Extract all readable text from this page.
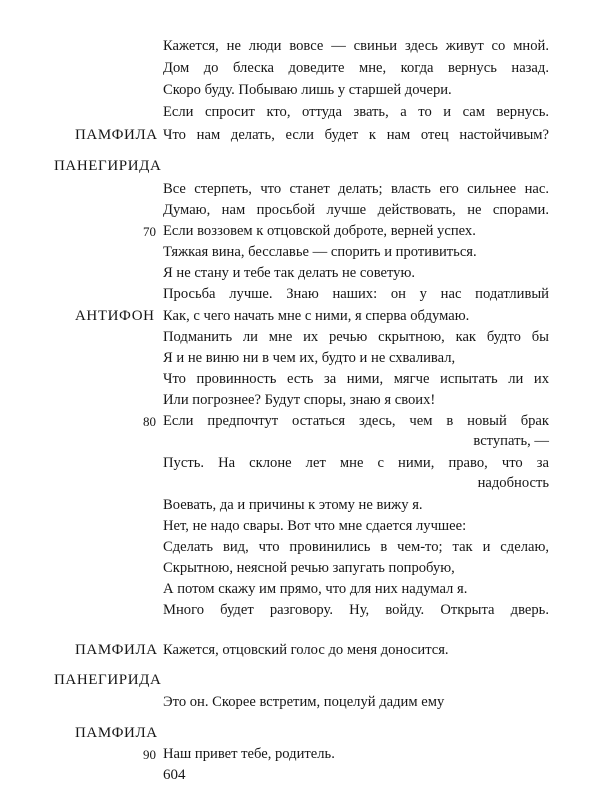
Кажется, не люди вовсе — свиньи здесь живут со мной.
Дом до блеска доведите мне, когда вернусь назад.
Скоро буду. Побываю лишь у старшей дочери.
Если спросит кто, оттуда звать, а то и сам вернусь.
ПАМФИЛА Что нам делать, если будет к нам отец настойчивым?
ПАНЕГИРИДА
Все стерпеть, что станет делать; власть его сильнее нас.
Думаю, нам просьбой лучше действовать, не спорами.
70 Если воззовем к отцовской доброте, верней успех.
Тяжкая вина, бесславье — спорить и противиться.
Я не стану и тебе так делать не советую.
Просьба лучше. Знаю наших: он у нас податливый
АНТИФОН Как, с чего начать мне с ними, я сперва обдумаю.
Подманить ли мне их речью скрытною, как будто бы
Я и не виню ни в чем их, будто и не схваливал,
Что провинность есть за ними, мягче испытать ли их
Или погрознее? Будут споры, знаю я своих!
80 Если предпочтут остаться здесь, чем в новый брак
вступать, —
Пусть. На склоне лет мне с ними, право, что за
надобность
Воевать, да и причины к этому не вижу я.
Нет, не надо свары. Вот что мне сдается лучшее:
Сделать вид, что провинились в чем-то; так и сделаю,
Скрытною, неясной речью запугать попробую,
А потом скажу им прямо, что для них надумал я.
Много будет разговору. Ну, войду. Открыта дверь.
ПАМФИЛА Кажется, отцовский голос до меня доносится.
ПАНЕГИРИДА
Это он. Скорее встретим, поцелуй дадим ему
ПАМФИЛА
90 Наш привет тебе, родитель.
604
